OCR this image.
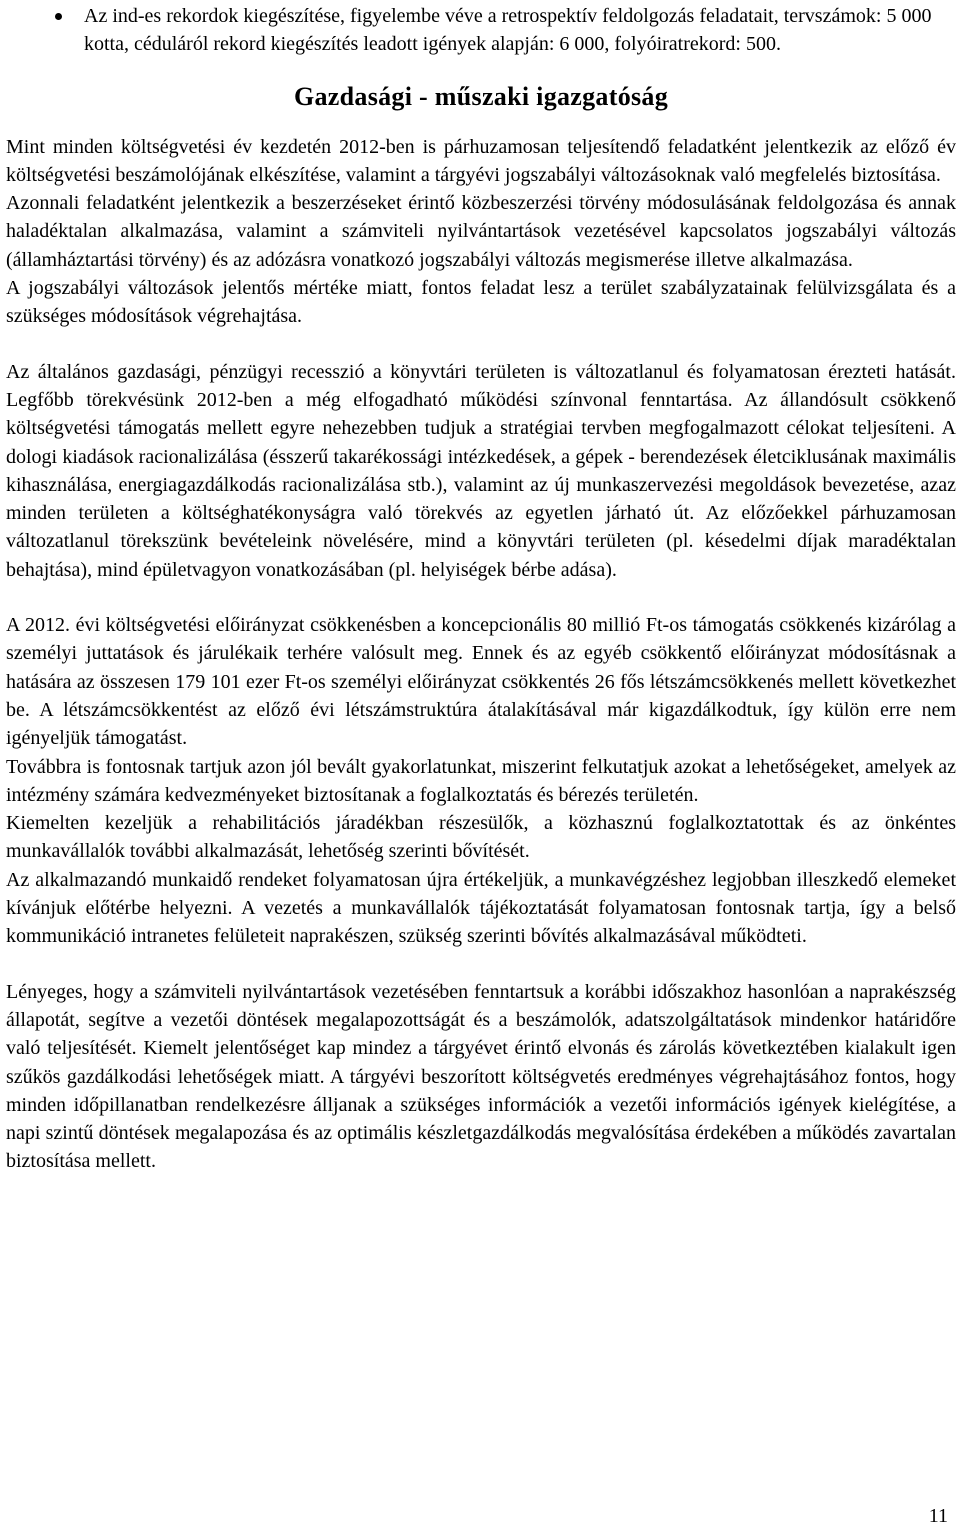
Az ind-es rekordok kiegészítése, figyelembe véve a retrospektív feldolgozás feladatait, tervszámok: 5 000 kotta, céduláról rekord kiegészítés leadott igények alapján: 6 000, folyóiratrekord: 500.

Gazdasági - műszaki igazgatóság

Mint minden költségvetési év kezdetén 2012-ben is párhuzamosan teljesítendő feladatként jelentkezik az előző év költségvetési beszámolójának elkészítése, valamint a tárgyévi jogszabályi változásoknak való megfelelés biztosítása.

Azonnali feladatként jelentkezik a beszerzéseket érintő közbeszerzési törvény módosulásának feldolgozása és annak haladéktalan alkalmazása, valamint a számviteli nyilvántartások vezetésével kapcsolatos jogszabályi változás (államháztartási törvény) és az adózásra vonatkozó jogszabályi változás megismerése illetve alkalmazása.

A jogszabályi változások jelentős mértéke miatt, fontos feladat lesz a terület szabályzatainak felülvizsgálata és a szükséges módosítások végrehajtása.

Az általános gazdasági, pénzügyi recesszió a könyvtári területen is változatlanul és folyamatosan érezteti hatását. Legfőbb törekvésünk 2012-ben a még elfogadható működési színvonal fenntartása. Az állandósult csökkenő költségvetési támogatás mellett egyre nehezebben tudjuk a stratégiai tervben megfogalmazott célokat teljesíteni. A dologi kiadások racionalizálása (ésszerű takarékossági intézkedések, a gépek - berendezések életciklusának maximális kihasználása, energiagazdálkodás racionalizálása stb.), valamint az új munkaszervezési megoldások bevezetése, azaz minden területen a költséghatékonyságra való törekvés az egyetlen járható út. Az előzőekkel párhuzamosan változatlanul törekszünk bevételeink növelésére, mind a könyvtári területen (pl. késedelmi díjak maradéktalan behajtása), mind épületvagyon vonatkozásában (pl. helyiségek bérbe adása).

A 2012. évi költségvetési előirányzat csökkenésben a koncepcionális 80 millió Ft-os támogatás csökkenés kizárólag a személyi juttatások és járulékaik terhére valósult meg. Ennek és az egyéb csökkentő előirányzat módosításnak a hatására az összesen 179 101 ezer Ft-os személyi előirányzat csökkentés 26 fős létszámcsökkenés mellett következhet be. A létszámcsökkentést az előző évi létszámstruktúra átalakításával már kigazdálkodtuk, így külön erre nem igényeljük támogatást.

Továbbra is fontosnak tartjuk azon jól bevált gyakorlatunkat, miszerint felkutatjuk azokat a lehetőségeket, amelyek az intézmény számára kedvezményeket biztosítanak a foglalkoztatás és bérezés területén.

Kiemelten kezeljük a rehabilitációs járadékban részesülők, a közhasznú foglalkoztatottak és az önkéntes munkavállalók további alkalmazását, lehetőség szerinti bővítését.

Az alkalmazandó munkaidő rendeket folyamatosan újra értékeljük, a munkavégzéshez legjobban illeszkedő elemeket kívánjuk előtérbe helyezni. A vezetés a munkavállalók tájékoztatását folyamatosan fontosnak tartja, így a belső kommunikáció intranetes felületeit naprakészen, szükség szerinti bővítés alkalmazásával működteti.

Lényeges, hogy a számviteli nyilvántartások vezetésében fenntartsuk a korábbi időszakhoz hasonlóan a naprakészség állapotát, segítve a vezetői döntések megalapozottságát és a beszámolók, adatszolgáltatások mindenkor határidőre való teljesítését. Kiemelt jelentőséget kap mindez a tárgyévet érintő elvonás és zárolás következtében kialakult igen szűkös gazdálkodási lehetőségek miatt. A tárgyévi beszorított költségvetés eredményes végrehajtásához fontos, hogy minden időpillanatban rendelkezésre álljanak a szükséges információk a vezetői információs igények kielégítése, a napi szintű döntések megalapozása és az optimális készletgazdálkodás megvalósítása érdekében a működés zavartalan biztosítása mellett.

11
